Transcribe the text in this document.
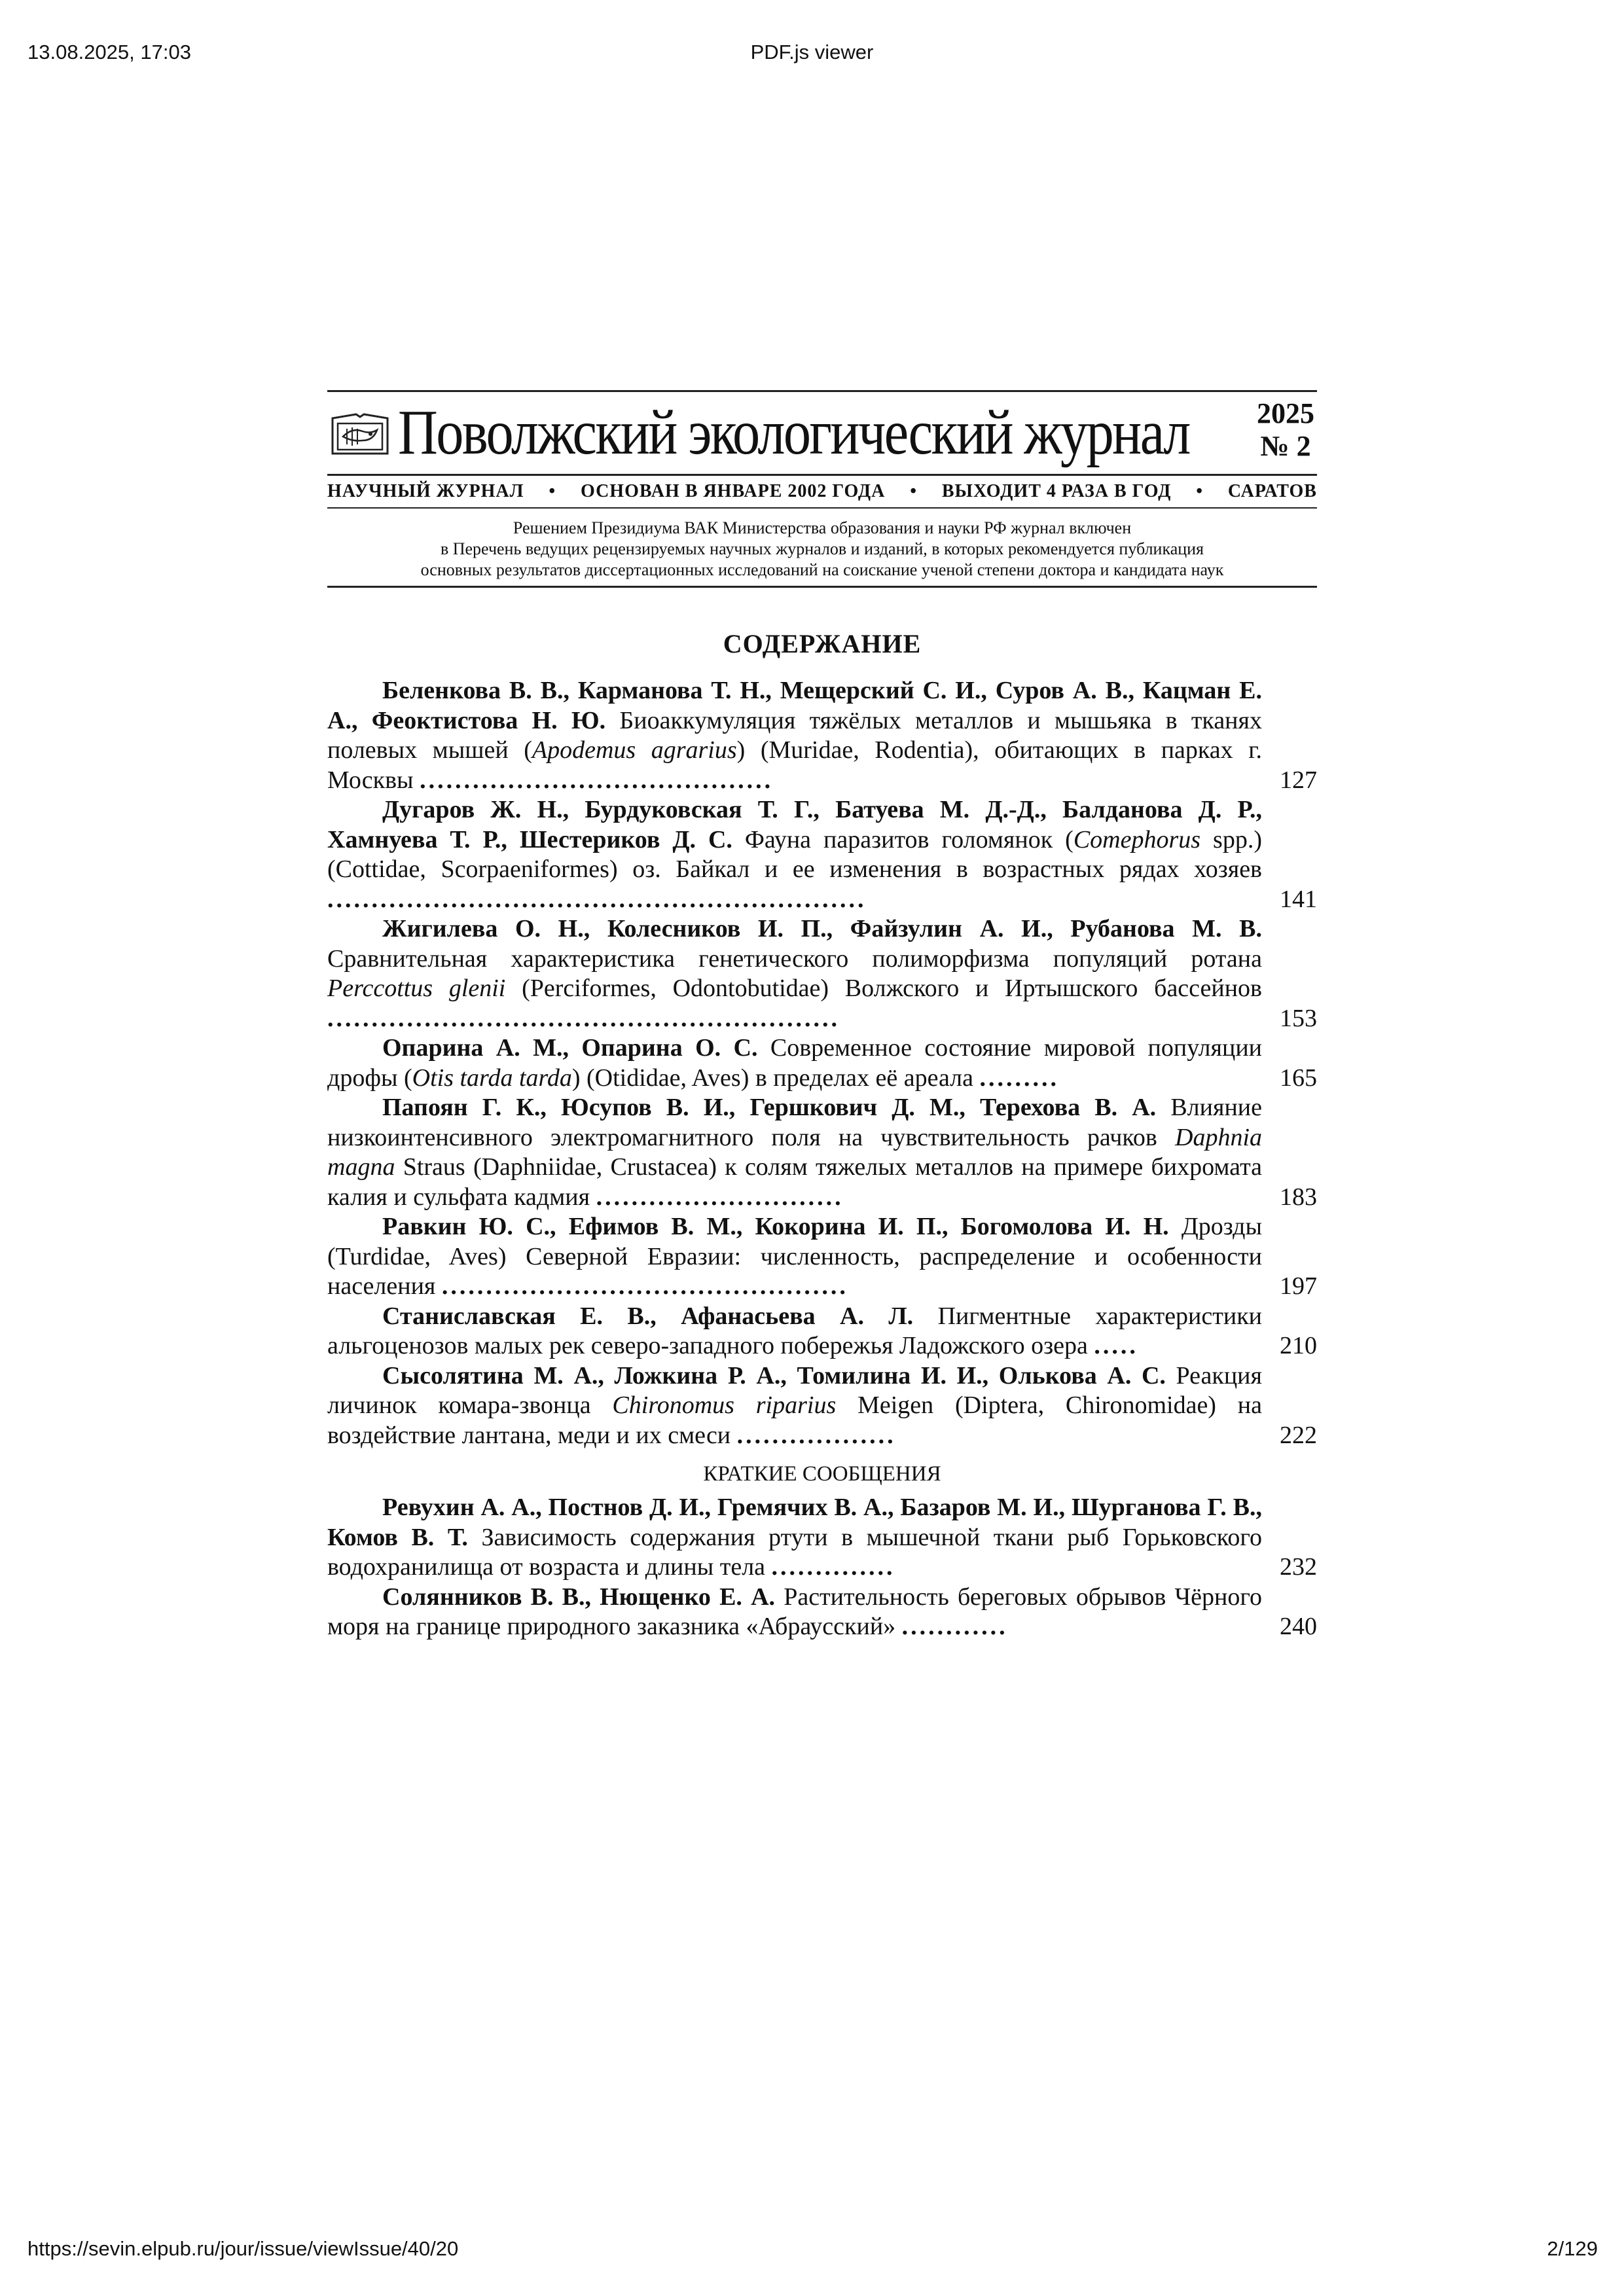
13.08.2025, 17:03	PDF.js viewer
Поволжский экологический журнал 2025
№ 2
НАУЧНЫЙ ЖУРНАЛ	•	ОСНОВАН В ЯНВАРЕ 2002 ГОДА	•	ВЫХОДИТ 4 РАЗА В ГОД	•	САРАТОВ
Решением Президиума ВАК Министерства образования и науки РФ журнал включен
в Перечень ведущих рецензируемых научных журналов и изданий, в которых рекомендуется публикация
основных результатов диссертационных исследований на соискание ученой степени доктора и кандидата наук
СОДЕРЖАНИЕ
Беленкова В. В., Карманова Т. Н., Мещерский С. И., Суров А. В., Кацман Е. А., Феоктистова Н. Ю. Биоаккумуляция тяжёлых металлов и мышьяка в тканях полевых мышей (Apodemus agrarius) (Muridae, Rodentia), обитающих в парках г. Москвы ........................................	127
Дугаров Ж. Н., Бурдуковская Т. Г., Батуева М. Д.-Д., Балданова Д. Р., Хамнуева Т. Р., Шестериков Д. С. Фауна паразитов голомянок (Comephorus spp.) (Cottidae, Scorpaeniformes) оз. Байкал и ее изменения в возрастных рядах хозяев .............................................................	141
Жигилева О. Н., Колесников И. П., Файзулин А. И., Рубанова М. В. Сравнительная характеристика генетического полиморфизма популяций ротана Perccottus glenii (Perciformes, Odontobutidae) Волжского и Иртышского бассейнов ..........................................................	153
Опарина А. М., Опарина О. С. Современное состояние мировой популяции дрофы (Otis tarda tarda) (Otididae, Aves) в пределах её ареала .........	165
Папоян Г. К., Юсупов В. И., Гершкович Д. М., Терехова В. А. Влияние низкоинтенсивного электромагнитного поля на чувствительность рачков Daphnia magna Straus (Daphniidae, Crustacea) к солям тяжелых металлов на примере бихромата калия и сульфата кадмия ............................	183
Равкин Ю. С., Ефимов В. М., Кокорина И. П., Богомолова И. Н. Дрозды (Turdidae, Aves) Северной Евразии: численность, распределение и особенности населения ..............................................	197
Станиславская Е. В., Афанасьева А. Л. Пигментные характеристики альгоценозов малых рек северо-западного побережья Ладожского озера .....	210
Сысолятина М. А., Ложкина Р. А., Томилина И. И., Олькова А. С. Реакция личинок комара-звонца Chironomus riparius Meigen (Diptera, Chironomidae) на воздействие лантана, меди и их смеси ..................	222
КРАТКИЕ СООБЩЕНИЯ
Ревухин А. А., Постнов Д. И., Гремячих В. А., Базаров М. И., Шурганова Г. В., Комов В. Т. Зависимость содержания ртути в мышечной ткани рыб Горьковского водохранилища от возраста и длины тела ..............	232
Солянников В. В., Нющенко Е. А. Растительность береговых обрывов Чёрного моря на границе природного заказника «Абраусский» ............	240
https://sevin.elpub.ru/jour/issue/viewIssue/40/20	2/129
